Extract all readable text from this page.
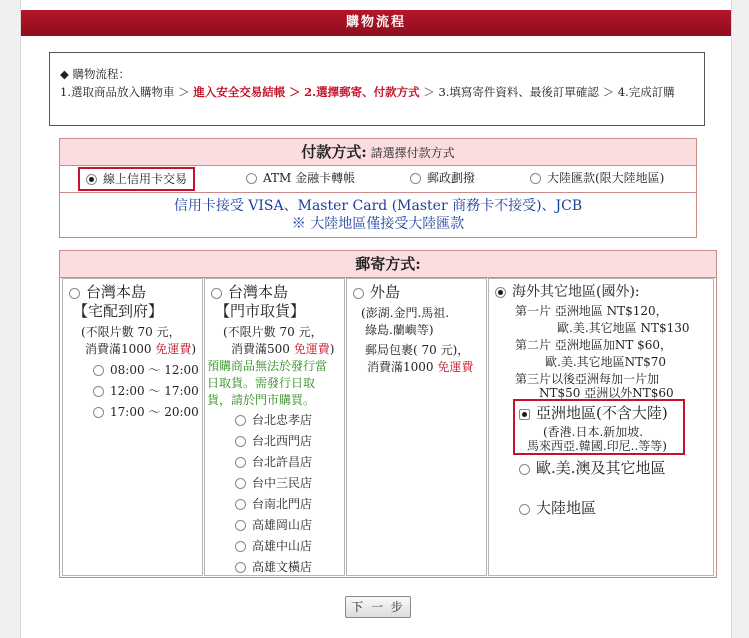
購物流程
◆ 購物流程：
1.選取商品放入購物車 ＞ 進入安全交易結帳 ＞ 2.選擇郵寄、付款方式 ＞ 3.填寫寄件資料、最後訂單確認 ＞ 4.完成訂購
付款方式: 請選擇付款方式
線上信用卡交易	ATM 金融卡轉帳	郵政劃撥	大陸匯款(限大陸地區)
信用卡接受 VISA、Master Card (Master 商務卡不接受)、JCB
※ 大陸地區僅接受大陸匯款
郵寄方式:
台灣本島
【宅配到府】
(不限片數 70 元，
消費滿1000 免運費)
08:00 ～ 12:00
12:00 ～ 17:00
17:00 ～ 20:00
台灣本島
【門市取貨】
(不限片數 70 元，
消費滿500 免運費)
預購商品無法於發行當
日取貨。需發行日取
貨，請於門市購買。
台北忠孝店
台北西門店
台北許昌店
台中三民店
台南北門店
高雄岡山店
高雄中山店
高雄文橫店
外島
(澎湖.金門.馬祖.
綠島.蘭嶼等)
郵局包裹( 70 元)，
消費滿1000 免運費
海外其它地區(國外):
第一片 亞洲地區 NT$120，
歐.美.其它地區 NT$130
第二片 亞洲地區加NT $60，
歐.美.其它地區NT$70
第三片以後亞洲每加一片加
NT$50 亞洲以外NT$60
亞洲地區(不含大陸)
(香港.日本.新加坡.
馬來西亞.韓國.印尼..等等)
歐.美.澳及其它地區
大陸地區
下 一 步
